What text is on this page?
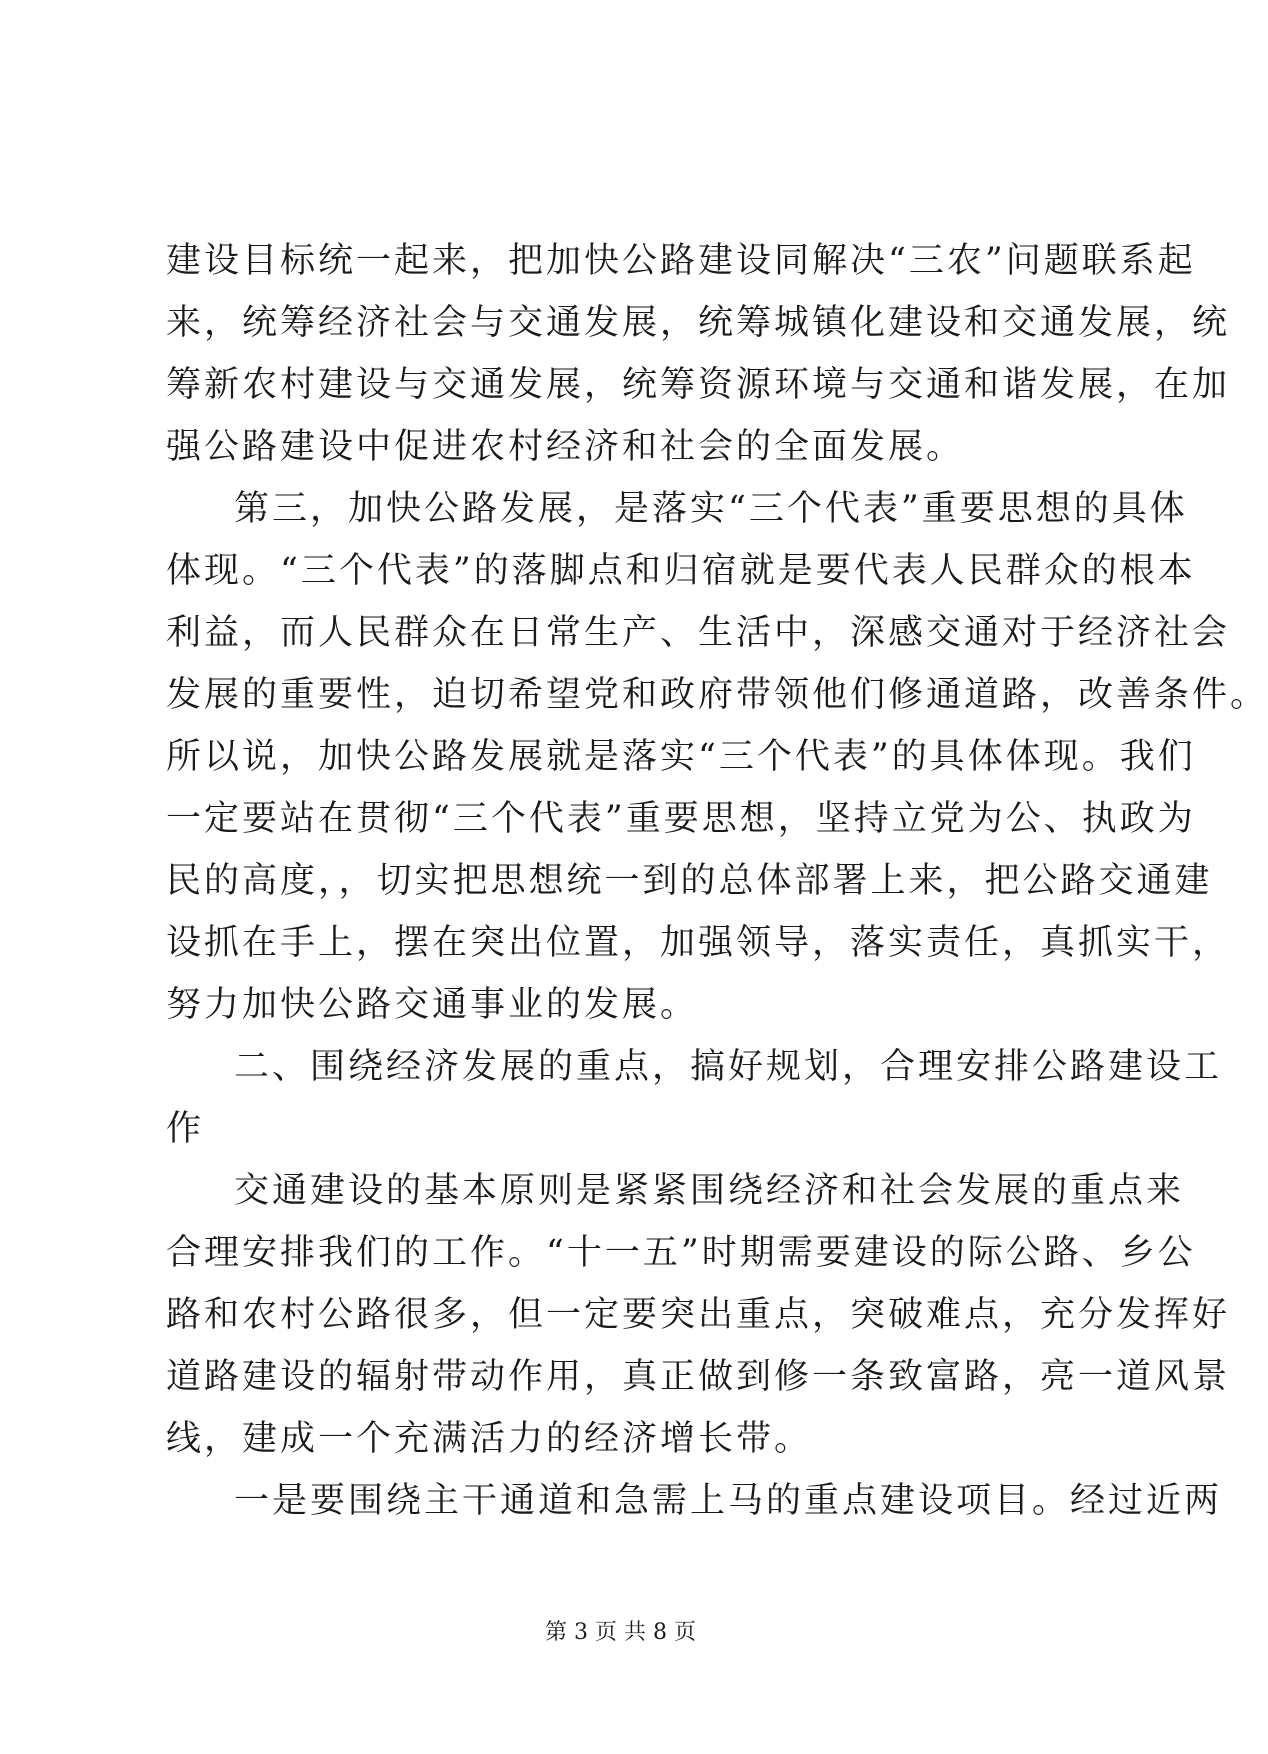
建设目标统一起来，把加快公路建设同解决“三农”问题联系起
来，统筹经济社会与交通发展，统筹城镇化建设和交通发展，统
筹新农村建设与交通发展，统筹资源环境与交通和谐发展，在加
强公路建设中促进农村经济和社会的全面发展。
第三，加快公路发展，是落实“三个代表”重要思想的具体
体现。“三个代表”的落脚点和归宿就是要代表人民群众的根本
利益，而人民群众在日常生产、生活中，深感交通对于经济社会
发展的重要性，迫切希望党和政府带领他们修通道路，改善条件。
所以说，加快公路发展就是落实“三个代表”的具体体现。我们
一定要站在贯彻“三个代表”重要思想，坚持立党为公、执政为
民的高度，，切实把思想统一到的总体部署上来，把公路交通建
设抓在手上，摆在突出位置，加强领导，落实责任，真抓实干，
努力加快公路交通事业的发展。
二、围绕经济发展的重点，搞好规划，合理安排公路建设工
作
交通建设的基本原则是紧紧围绕经济和社会发展的重点来
合理安排我们的工作。“十一五”时期需要建设的际公路、乡公
路和农村公路很多，但一定要突出重点，突破难点，充分发挥好
道路建设的辐射带动作用，真正做到修一条致富路，亮一道风景
线，建成一个充满活力的经济增长带。
一是要围绕主干通道和急需上马的重点建设项目。经过近两
第 3 页 共 8 页
